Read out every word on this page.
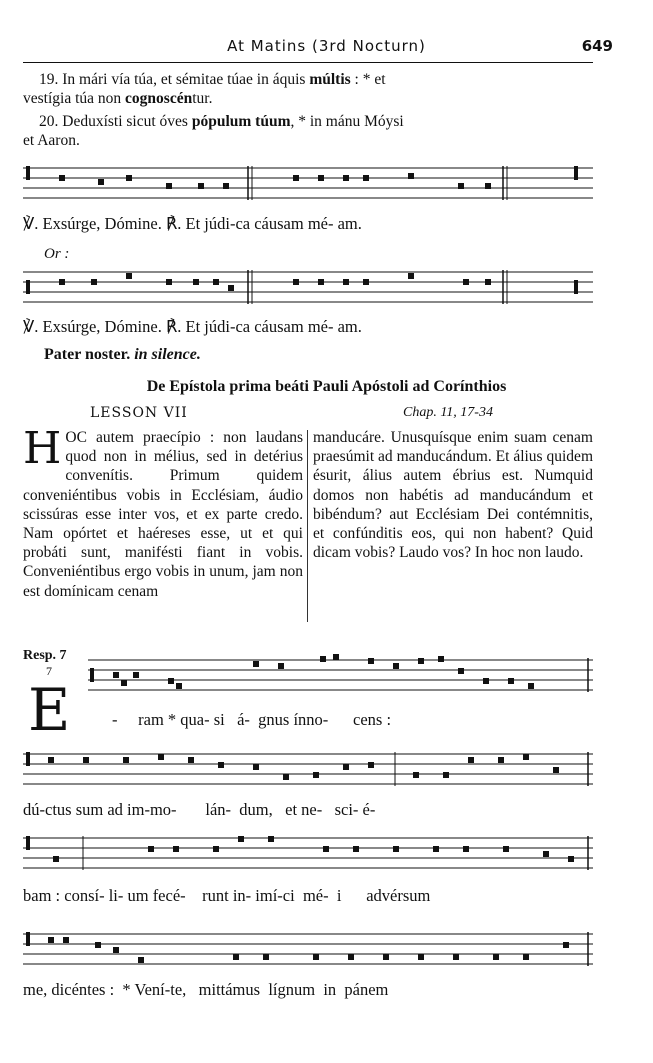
At Matins (3rd Nocturn)	649
19. In mári vía túa, et sémitae túae in áquis múltis : * et
vestígia túa non cognoscéntur.
20. Deduxísti sicut óves pópulum túum, * in mánu Móysi
et Aaron.
℣. Exsúrge, Dómine. ℟. Et júdi-ca cáusam mé- am.
Or :
℣. Exsúrge, Dómine. ℟. Et júdi-ca cáusam mé- am.
Pater noster. in silence.
De Epístola prima beáti Pauli Apóstoli ad Corínthios
LESSON VII	Chap. 11, 17-34
HOC autem praecípio : non laudans quod non in mélius, sed in detérius convenítis. Primum quidem conveniéntibus vobis in Ecclésiam, áudio scissúras esse inter vos, et ex parte credo. Nam opórtet et haéreses esse, ut et qui probáti sunt, manifésti fiant in vobis. Conveniéntibus ergo vobis in unum, jam non est domínicam cenam
manducáre. Unusquísque enim suam cenam praesúmit ad manducándum. Et álius quidem ésurit, álius autem ébrius est. Numquid domos non habétis ad manducándum et bibéndum? aut Ecclésiam Dei contémnitis, et confúnditis eos, qui non habent? Quid dicam vobis? Laudo vos? In hoc non laudo.
Resp. 7
7
E	-     ram * qua- si   á-  gnus ínno-      cens :
dú-ctus sum ad im-mo-       lán-  dum,   et ne-   sci- é-
bam : consí- li- um fecé-    runt in- imí-ci  mé-  i      advérsum
me, dicéntes :  * Vení-te,   mittámus  lígnum  in  pánem
